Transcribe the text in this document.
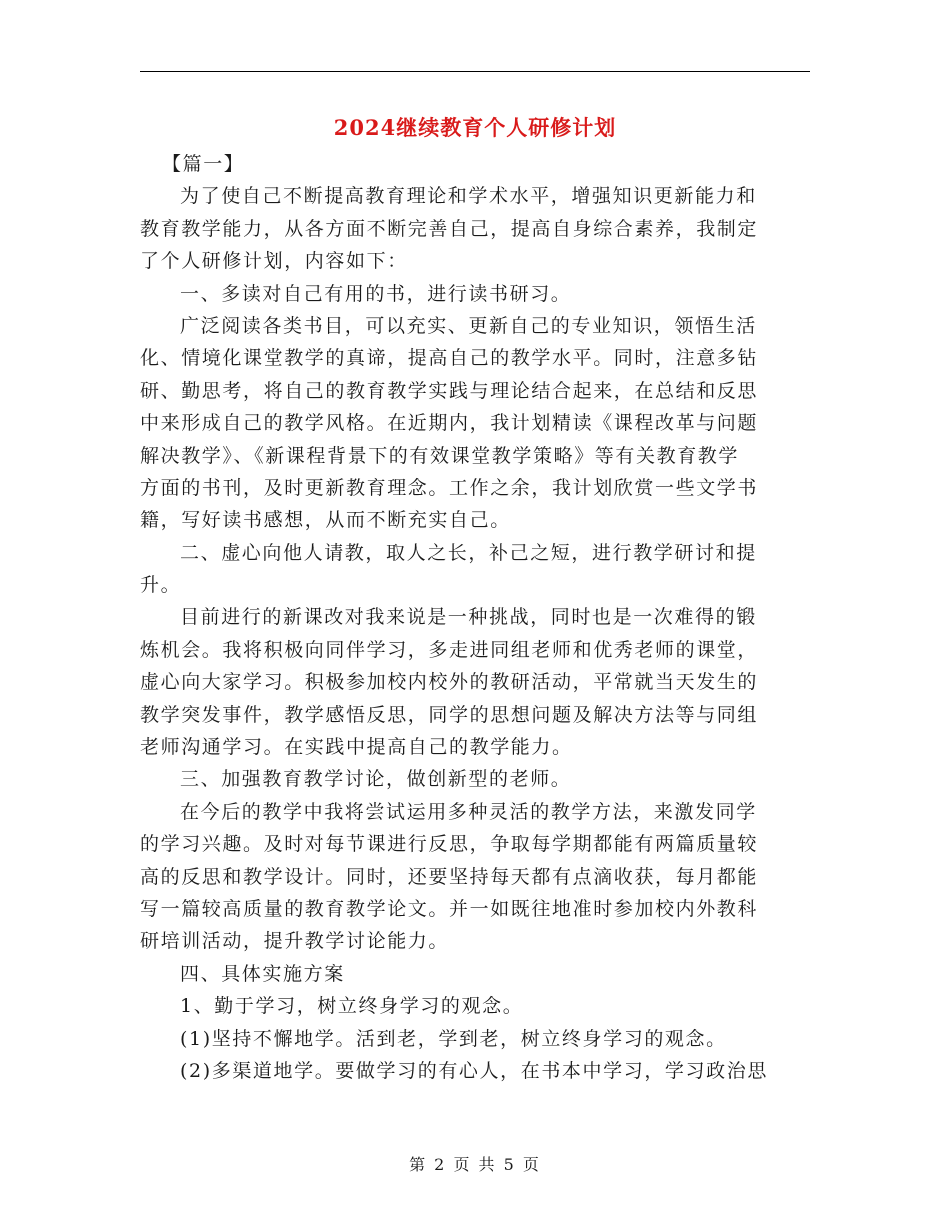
2024继续教育个人研修计划
【篇一】
为了使自己不断提高教育理论和学术水平，增强知识更新能力和
教育教学能力，从各方面不断完善自己，提高自身综合素养，我制定
了个人研修计划，内容如下：
一、多读对自己有用的书，进行读书研习。
广泛阅读各类书目，可以充实、更新自己的专业知识，领悟生活
化、情境化课堂教学的真谛，提高自己的教学水平。同时，注意多钻
研、勤思考，将自己的教育教学实践与理论结合起来，在总结和反思
中来形成自己的教学风格。在近期内，我计划精读《课程改革与问题
解决教学》、《新课程背景下的有效课堂教学策略》等有关教育教学
方面的书刊，及时更新教育理念。工作之余，我计划欣赏一些文学书
籍，写好读书感想，从而不断充实自己。
二、虚心向他人请教，取人之长，补己之短，进行教学研讨和提
升。
目前进行的新课改对我来说是一种挑战，同时也是一次难得的锻
炼机会。我将积极向同伴学习，多走进同组老师和优秀老师的课堂，
虚心向大家学习。积极参加校内校外的教研活动，平常就当天发生的
教学突发事件，教学感悟反思，同学的思想问题及解决方法等与同组
老师沟通学习。在实践中提高自己的教学能力。
三、加强教育教学讨论，做创新型的老师。
在今后的教学中我将尝试运用多种灵活的教学方法，来激发同学
的学习兴趣。及时对每节课进行反思，争取每学期都能有两篇质量较
高的反思和教学设计。同时，还要坚持每天都有点滴收获，每月都能
写一篇较高质量的教育教学论文。并一如既往地准时参加校内外教科
研培训活动，提升教学讨论能力。
四、具体实施方案
1、勤于学习，树立终身学习的观念。
(1)坚持不懈地学。活到老，学到老，树立终身学习的观念。
(2)多渠道地学。要做学习的有心人，在书本中学习，学习政治思
第 2 页 共 5 页
